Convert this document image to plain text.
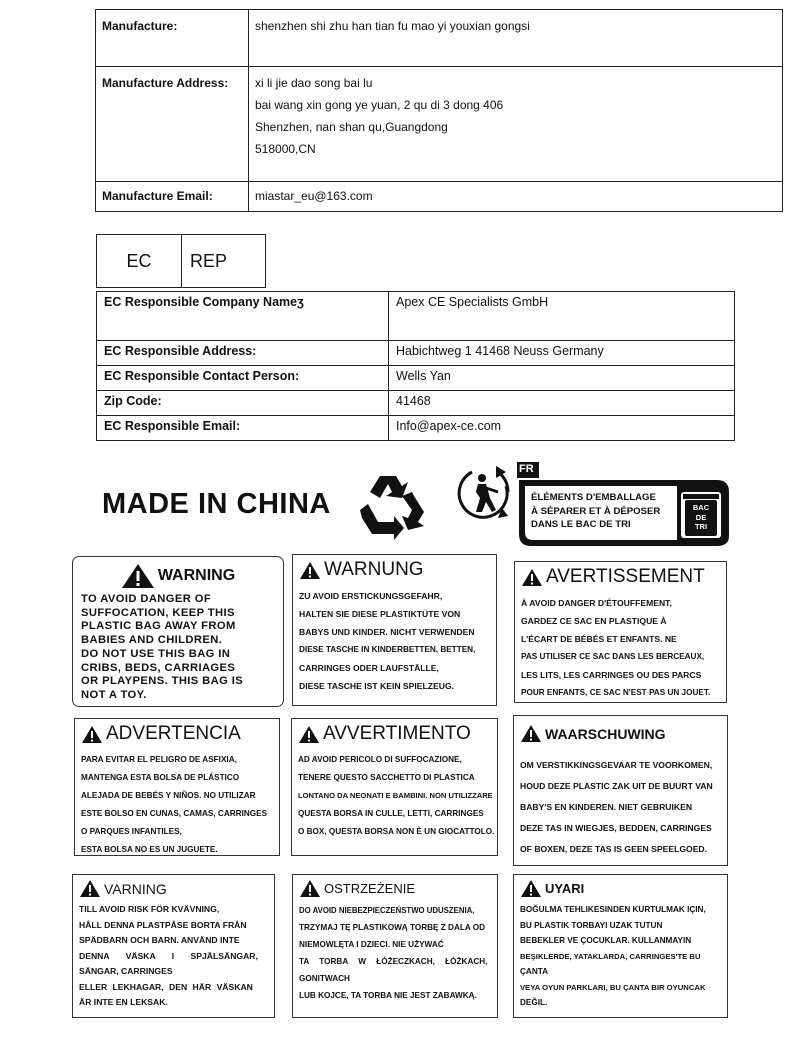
Manufacture:	shenzhen shi zhu han tian fu mao yi youxian gongsi
Manufacture Address:	xi li jie dao song bai lu
bai wang xin gong ye yuan, 2 qu di 3 dong 406
Shenzhen, nan shan qu,Guangdong
518000,CN

Manufacture Email:	miastar_eu@163.com
EC	REP
EC Responsible Company Nameʒ	Apex CE Specialists GmbH
EC Responsible Address:	Habichtweg 1 41468 Neuss Germany
EC Responsible Contact Person:	Wells Yan
Zip Code:	41468
EC Responsible Email:	Info@apex-ce.com
MADE IN CHINA
FR
ÉLÉMENTS D'EMBALLAGE
À SÉPARER ET À DÉPOSER
DANS LE BAC DE TRI
BAC
DE
TRI
WARNING
TO AVOID DANGER OF
SUFFOCATION, KEEP THIS
PLASTIC BAG AWAY FROM
BABIES AND CHILDREN.
DO NOT USE THIS BAG IN
CRIBS, BEDS, CARRIAGES
OR PLAYPENS. THIS BAG IS
NOT A TOY.
WARNUNG
ZU AVOID ERSTICKUNGSGEFAHR,
HALTEN SIE DIESE PLASTIKTÜTE VON
BABYS UND KINDER. NICHT VERWENDEN
DIESE TASCHE IN KINDERBETTEN, BETTEN,
CARRINGES ODER LAUFSTÄLLE,
DIESE TASCHE IST KEIN SPIELZEUG.
AVERTISSEMENT
À AVOID DANGER D'ÉTOUFFEMENT,
GARDEZ CE SAC EN PLASTIQUE À
L'ÉCART DE BÉBÉS ET ENFANTS. NE
PAS UTILISER CE SAC DANS LES BERCEAUX,
LES LITS, LES CARRINGES OU DES PARCS
POUR ENFANTS, CE SAC N'EST PAS UN JOUET.
ADVERTENCIA
PARA EVITAR EL PELIGRO DE ASFIXIA,
MANTENGA ESTA BOLSA DE PLÁSTICO
ALEJADA DE BEBÉS Y NIÑOS. NO UTILIZAR
ESTE BOLSO EN CUNAS, CAMAS, CARRINGES
O PARQUES INFANTILES,
ESTA BOLSA NO ES UN JUGUETE.
AVVERTIMENTO
AD AVOID PERICOLO DI SUFFOCAZIONE,
TENERE QUESTO SACCHETTO DI PLASTICA
LONTANO DA NEONATI E BAMBINI. NON UTILIZZARE
QUESTA BORSA IN CULLE, LETTI, CARRINGES
O BOX, QUESTA BORSA NON È UN GIOCATTOLO.
WAARSCHUWING
OM VERSTIKKINGSGEVAAR TE VOORKOMEN,
HOUD DEZE PLASTIC ZAK UIT DE BUURT VAN
BABY'S EN KINDEREN. NIET GEBRUIKEN
DEZE TAS IN WIEGJES, BEDDEN, CARRINGES
OF BOXEN, DEZE TAS IS GEEN SPEELGOED.
VARNING
TILL AVOID RISK FÖR KVÄVNING,
HÅLL DENNA PLASTPÅSE BORTA FRÅN
SPÄDBARN OCH BARN. ANVÄND INTE
DENNA VÄSKA I SPJÄLSÄNGAR,
SÄNGAR, CARRINGES
ELLER LEKHAGAR, DEN HÄR VÄSKAN
ÄR INTE EN LEKSAK.
OSTRZEŻENIE
DO AVOID NIEBEZPIECZEŃSTWO UDUSZENIA,
TRZYMAJ TĘ PLASTIKOWĄ TORBĘ Z DALA OD
NIEMOWLĘTA I DZIECI. NIE UŻYWAĆ
TA TORBA W ŁÓŻECZKACH, ŁÓŻKACH,
GONITWACH
LUB KOJCE, TA TORBA NIE JEST ZABAWKĄ.
UYARI
BOĞULMA TEHLIKESINDEN KURTULMAK IÇIN,
BU PLASTIK TORBAYI UZAK TUTUN
BEBEKLER VE ÇOCUKLAR. KULLANMAYIN
BEŞIKLERDE, YATAKLARDA, CARRINGES'TE BU
ÇANTA
VEYA OYUN PARKLARI, BU ÇANTA BIR OYUNCAK
DEĞIL.
